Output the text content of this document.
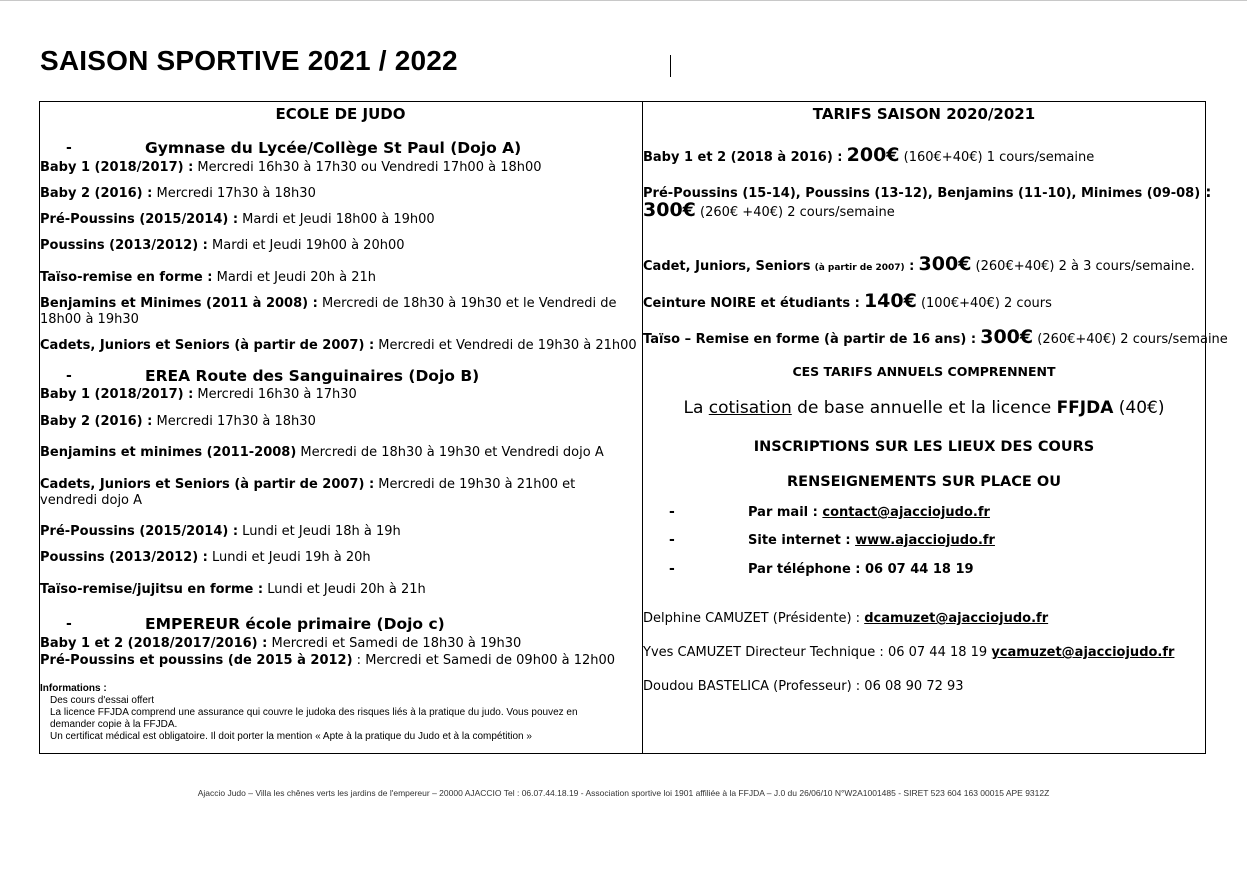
SAISON SPORTIVE 2021 / 2022
ECOLE DE JUDO
-	Gymnase du Lycée/Collège St Paul (Dojo A)
Baby 1 (2018/2017) : Mercredi 16h30 à 17h30 ou Vendredi 17h00 à 18h00
Baby 2 (2016) : Mercredi 17h30 à 18h30
Pré-Poussins (2015/2014) : Mardi et Jeudi 18h00 à 19h00
Poussins (2013/2012) : Mardi et Jeudi 19h00 à 20h00
Taïso-remise en forme : Mardi et Jeudi 20h à 21h
Benjamins et Minimes (2011 à 2008) : Mercredi de 18h30 à 19h30 et le Vendredi de 18h00 à 19h30
Cadets, Juniors et Seniors (à partir de 2007) : Mercredi et Vendredi de 19h30 à 21h00
-	EREA Route des Sanguinaires (Dojo B)
Baby 1 (2018/2017) : Mercredi 16h30 à 17h30
Baby 2 (2016) : Mercredi 17h30 à 18h30
Benjamins et minimes (2011-2008) Mercredi de 18h30 à 19h30 et Vendredi dojo A
Cadets, Juniors et Seniors (à partir de 2007) : Mercredi de 19h30 à 21h00 et vendredi dojo A
Pré-Poussins (2015/2014) : Lundi et Jeudi 18h à 19h
Poussins (2013/2012) : Lundi et Jeudi 19h à 20h
Taïso-remise/jujitsu en forme : Lundi et Jeudi 20h à 21h
-	EMPEREUR école primaire (Dojo c)
Baby 1 et 2 (2018/2017/2016) : Mercredi et Samedi de 18h30 à 19h30
Pré-Poussins et poussins (de 2015 à 2012) : Mercredi et Samedi de 09h00 à 12h00
Informations :
Des cours d'essai offert
La licence FFJDA comprend une assurance qui couvre le judoka des risques liés à la pratique du judo. Vous pouvez en
demander copie à la FFJDA.
Un certificat médical est obligatoire. Il doit porter la mention « Apte à la pratique du Judo et à la compétition »
TARIFS SAISON 2020/2021
Baby 1 et 2 (2018 à 2016) : 200€ (160€+40€) 1 cours/semaine
Pré-Poussins (15-14), Poussins (13-12), Benjamins (11-10), Minimes (09-08) :
300€ (260€ +40€) 2 cours/semaine
Cadet, Juniors, Seniors (à partir de 2007) : 300€ (260€+40€) 2 à 3 cours/semaine.
Ceinture NOIRE et étudiants : 140€ (100€+40€) 2 cours
Taïso – Remise en forme (à partir de 16 ans) : 300€ (260€+40€) 2 cours/semaine
CES TARIFS ANNUELS COMPRENNENT
La cotisation de base annuelle et la licence FFJDA (40€)
INSCRIPTIONS SUR LES LIEUX DES COURS
RENSEIGNEMENTS SUR PLACE OU
-	Par mail : contact@ajacciojudo.fr
-	Site internet : www.ajacciojudo.fr
-	Par téléphone : 06 07 44 18 19
Delphine CAMUZET (Présidente) : dcamuzet@ajacciojudo.fr
Yves CAMUZET Directeur Technique : 06 07 44 18 19 ycamuzet@ajacciojudo.fr
Doudou BASTELICA (Professeur) : 06 08 90 72 93
Ajaccio Judo – Villa les chênes verts les jardins de l'empereur – 20000 AJACCIO Tel : 06.07.44.18.19 - Association sportive loi 1901 affiliée à la FFJDA – J.0 du 26/06/10 N°W2A1001485 - SIRET 523 604 163 00015 APE 9312Z
